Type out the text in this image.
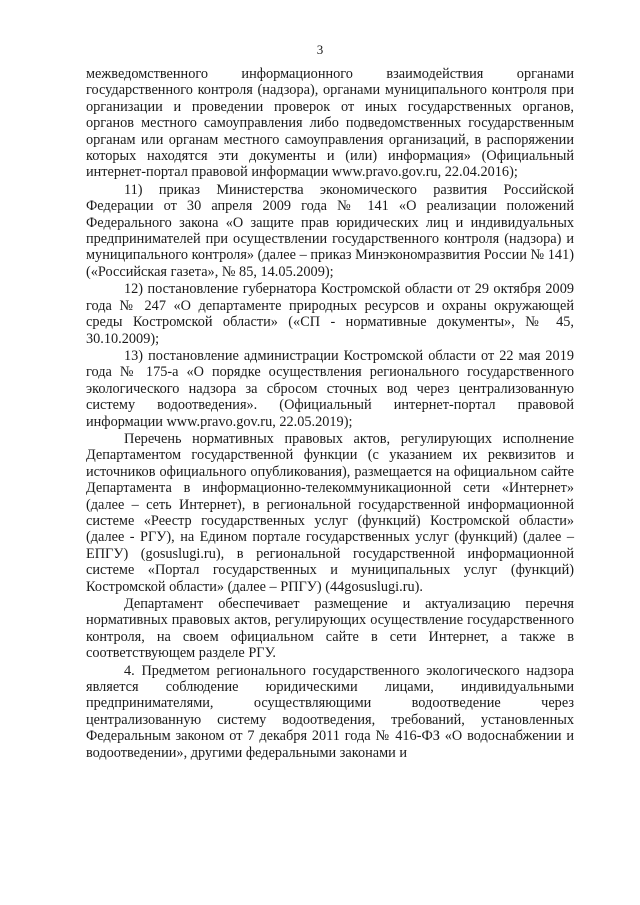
3

межведомственного информационного взаимодействия органами государственного контроля (надзора), органами муниципального контроля при организации и проведении проверок от иных государственных органов, органов местного самоуправления либо подведомственных государственным органам или органам местного самоуправления организаций, в распоряжении которых находятся эти документы и (или) информация» (Официальный интернет-портал правовой информации www.pravo.gov.ru, 22.04.2016);

11) приказ Министерства экономического развития Российской Федерации от 30 апреля 2009 года № 141 «О реализации положений Федерального закона «О защите прав юридических лиц и индивидуальных предпринимателей при осуществлении государственного контроля (надзора) и муниципального контроля» (далее – приказ Минэкономразвития России № 141) («Российская газета», № 85, 14.05.2009);

12) постановление губернатора Костромской области от 29 октября 2009 года № 247 «О департаменте природных ресурсов и охраны окружающей среды Костромской области» («СП - нормативные документы», № 45, 30.10.2009);

13) постановление администрации Костромской области от 22 мая 2019 года № 175-а «О порядке осуществления регионального государственного экологического надзора за сбросом сточных вод через централизованную систему водоотведения». (Официальный интернет-портал правовой информации www.pravo.gov.ru, 22.05.2019);

Перечень нормативных правовых актов, регулирующих исполнение Департаментом государственной функции (с указанием их реквизитов и источников официального опубликования), размещается на официальном сайте Департамента в информационно-телекоммуникационной сети «Интернет» (далее – сеть Интернет), в региональной государственной информационной системе «Реестр государственных услуг (функций) Костромской области» (далее - РГУ), на Едином портале государственных услуг (функций) (далее – ЕПГУ) (gosuslugi.ru), в региональной государственной информационной системе «Портал государственных и муниципальных услуг (функций) Костромской области» (далее – РПГУ) (44gosuslugi.ru).

Департамент обеспечивает размещение и актуализацию перечня нормативных правовых актов, регулирующих осуществление государственного контроля, на своем официальном сайте в сети Интернет, а также в соответствующем разделе РГУ.

4. Предметом регионального государственного экологического надзора является соблюдение юридическими лицами, индивидуальными предпринимателями, осуществляющими водоотведение через централизованную систему водоотведения, требований, установленных Федеральным законом от 7 декабря 2011 года № 416-ФЗ «О водоснабжении и водоотведении», другими федеральными законами и
